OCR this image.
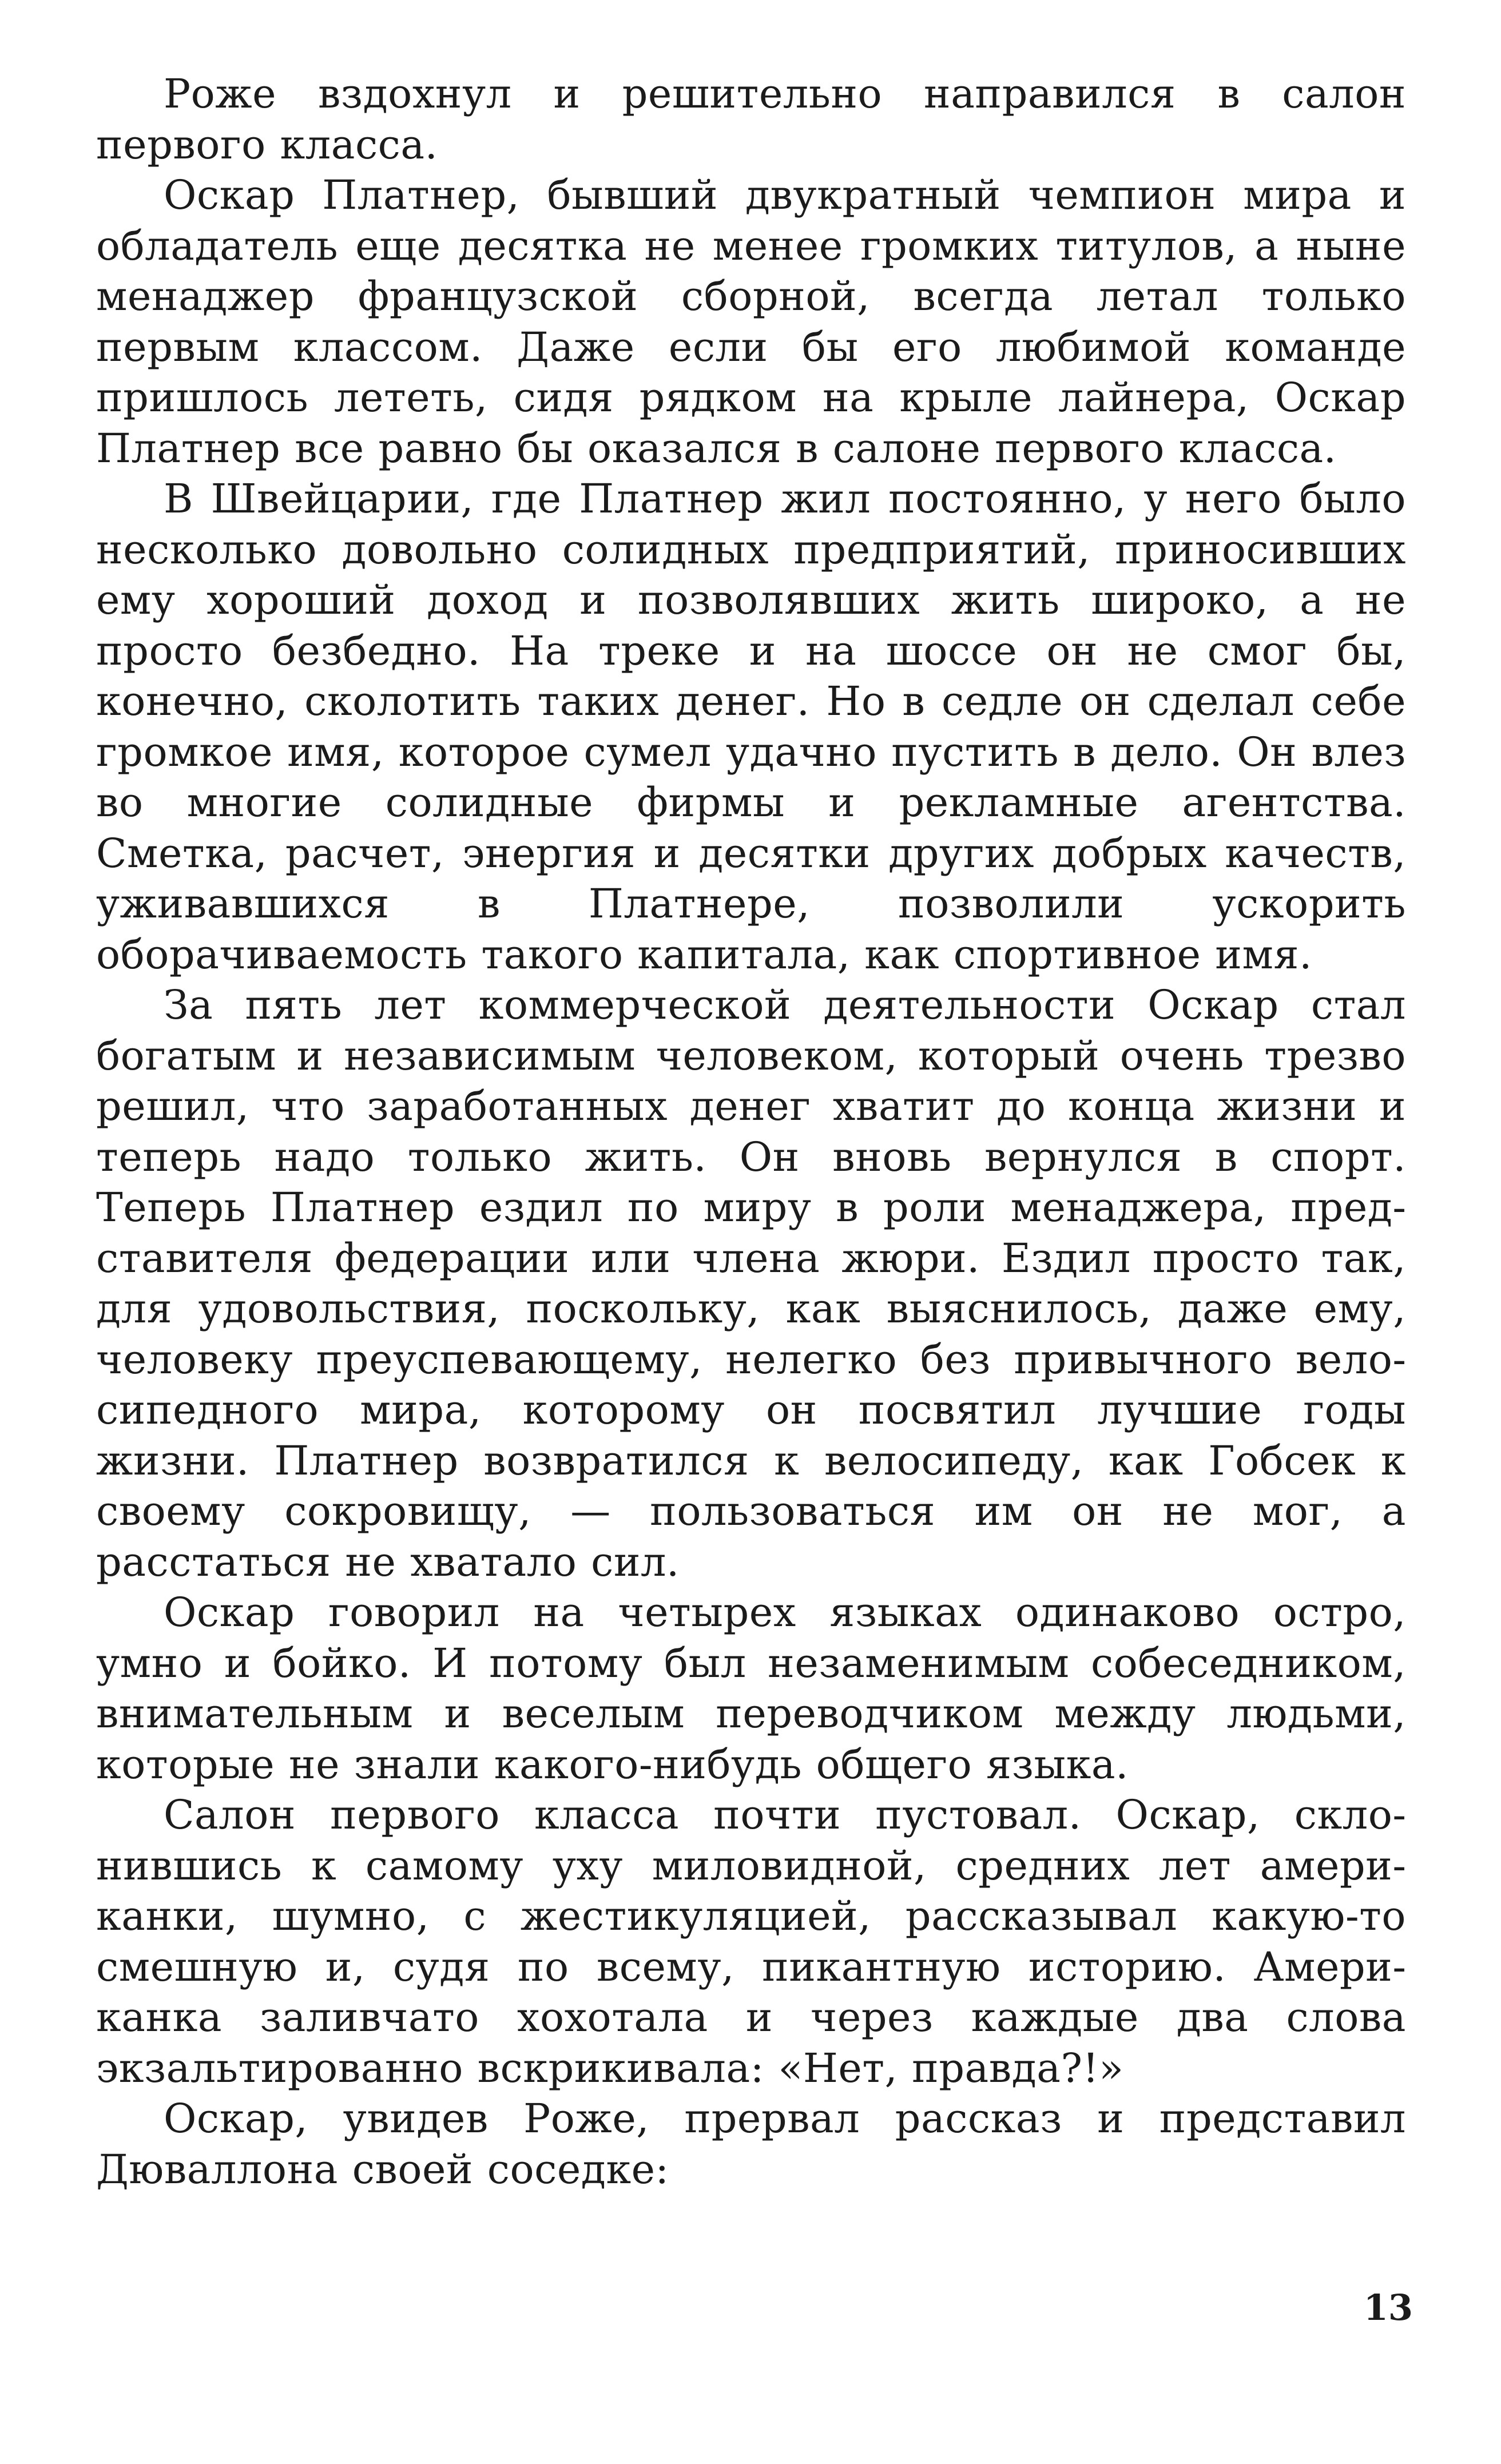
Роже вздохнул и решительно направился в салон первого класса.

Оскар Платнер, бывший двукратный чемпион мира и обладатель еще десятка не менее громких титулов, а ныне менаджер французской сборной, всегда летал только первым классом. Даже если бы его любимой команде пришлось лететь, сидя рядком на крыле лайнера, Оскар Платнер все равно бы оказался в салоне первого класса.

В Швейцарии, где Платнер жил постоянно, у него было несколько довольно солидных предприятий, приносивших ему хороший доход и позволявших жить широко, а не просто безбедно. На треке и на шоссе он не смог бы, конечно, сколотить таких денег. Но в седле он сделал себе громкое имя, которое сумел удачно пустить в дело. Он влез во многие солидные фирмы и рекламные агентства. Сметка, расчет, энергия и десятки других добрых качеств, уживавшихся в Платнере, позволили ускорить оборачиваемость такого капитала, как спортивное имя.

За пять лет коммерческой деятельности Оскар стал богатым и независимым человеком, который очень трезво решил, что заработанных денег хватит до конца жизни и теперь надо только жить. Он вновь вернулся в спорт. Теперь Платнер ездил по миру в роли менаджера, представителя федерации или члена жюри. Ездил просто так, для удовольствия, поскольку, как выяснилось, даже ему, человеку преуспевающему, нелегко без привычного велосипедного мира, которому он посвятил лучшие годы жизни. Платнер возвратился к велосипеду, как Гобсек к своему сокровищу, — пользоваться им он не мог, а расстаться не хватало сил.

Оскар говорил на четырех языках одинаково остро, умно и бойко. И потому был незаменимым собеседником, внимательным и веселым переводчиком между людьми, которые не знали какого-нибудь общего языка.

Салон первого класса почти пустовал. Оскар, склонившись к самому уху миловидной, средних лет американки, шумно, с жестикуляцией, рассказывал какую-то смешную и, судя по всему, пикантную историю. Американка заливчато хохотала и через каждые два слова экзальтированно вскрикивала: «Нет, правда?!»

Оскар, увидев Роже, прервал рассказ и представил Дюваллона своей соседке:

13
